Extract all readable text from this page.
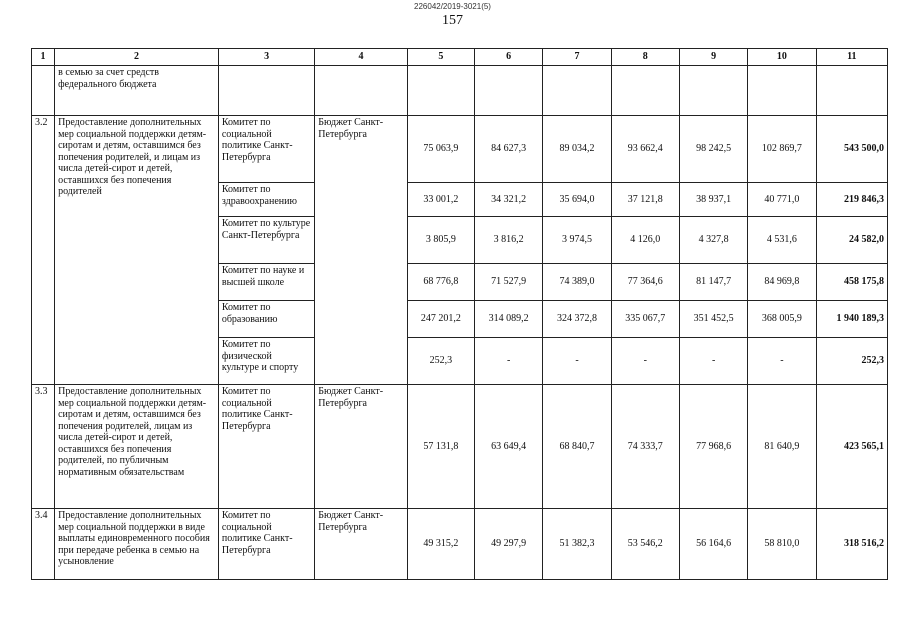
226042/2019-3021(5)
157
1	2	3	4	5	6	7	8	9	10	11
	в семью за счет средств федерального бюджета									
3.2	Предоставление дополнительных мер социальной поддержки детям-сиротам и детям, оставшимся без попечения родителей, и лицам из числа детей-сирот и детей, оставшихся без попечения родителей	Комитет по социальной политике Санкт-Петербурга	Бюджет Санкт-Петербурга	75 063,9	84 627,3	89 034,2	93 662,4	98 242,5	102 869,7	543 500,0
		Комитет по здравоохранению		33 001,2	34 321,2	35 694,0	37 121,8	38 937,1	40 771,0	219 846,3
		Комитет по культуре Санкт-Петербурга		3 805,9	3 816,2	3 974,5	4 126,0	4 327,8	4 531,6	24 582,0
		Комитет по науке и высшей школе		68 776,8	71 527,9	74 389,0	77 364,6	81 147,7	84 969,8	458 175,8
		Комитет по образованию		247 201,2	314 089,2	324 372,8	335 067,7	351 452,5	368 005,9	1 940 189,3
		Комитет по физической культуре и спорту		252,3	-	-	-	-	-	252,3
3.3	Предоставление дополнительных мер социальной поддержки детям-сиротам и детям, оставшимся без попечения родителей, лицам из числа детей-сирот и детей, оставшихся без попечения родителей, по публичным нормативным обязательствам	Комитет по социальной политике Санкт-Петербурга	Бюджет Санкт-Петербурга	57 131,8	63 649,4	68 840,7	74 333,7	77 968,6	81 640,9	423 565,1
3.4	Предоставление дополнительных мер социальной поддержки в виде выплаты единовременного пособия при передаче ребенка в семью на усыновление	Комитет по социальной политике Санкт-Петербурга	Бюджет Санкт-Петербурга	49 315,2	49 297,9	51 382,3	53 546,2	56 164,6	58 810,0	318 516,2
